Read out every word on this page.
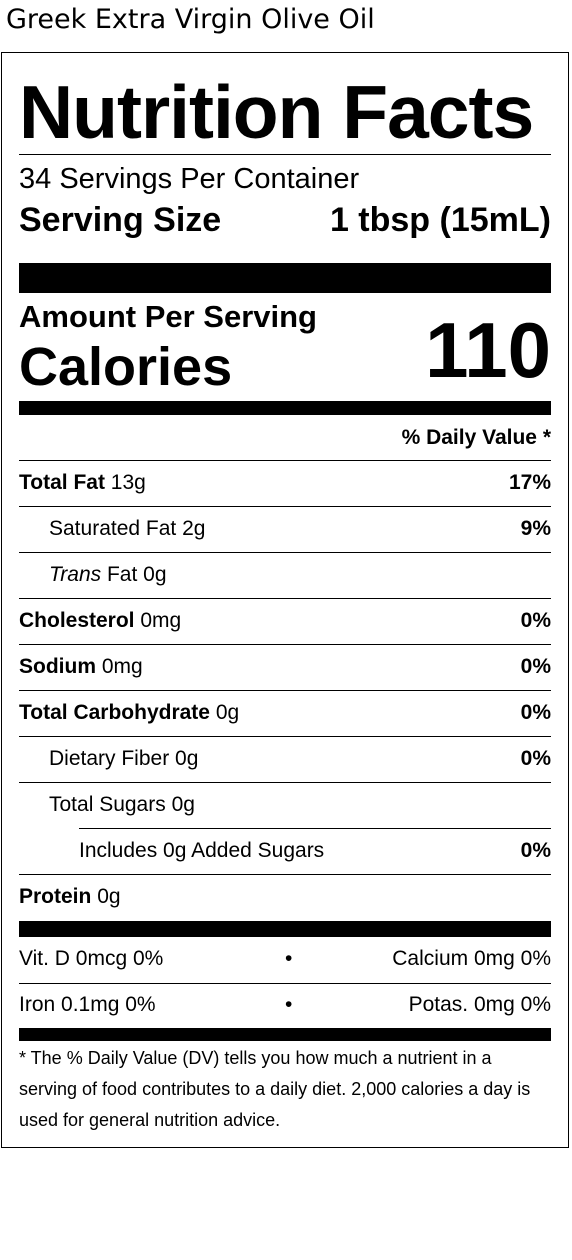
Greek Extra Virgin Olive Oil
Nutrition Facts
34 Servings Per Container
Serving Size	1 tbsp (15mL)
Amount Per Serving
Calories 110
% Daily Value *
Total Fat 13g	17%
Saturated Fat 2g	9%
Trans Fat 0g
Cholesterol 0mg	0%
Sodium 0mg	0%
Total Carbohydrate 0g	0%
Dietary Fiber 0g	0%
Total Sugars 0g
Includes 0g Added Sugars	0%
Protein 0g
Vit. D 0mcg 0%	•	Calcium 0mg 0%
Iron 0.1mg 0%	•	Potas. 0mg 0%
* The % Daily Value (DV) tells you how much a nutrient in a serving of food contributes to a daily diet. 2,000 calories a day is used for general nutrition advice.
